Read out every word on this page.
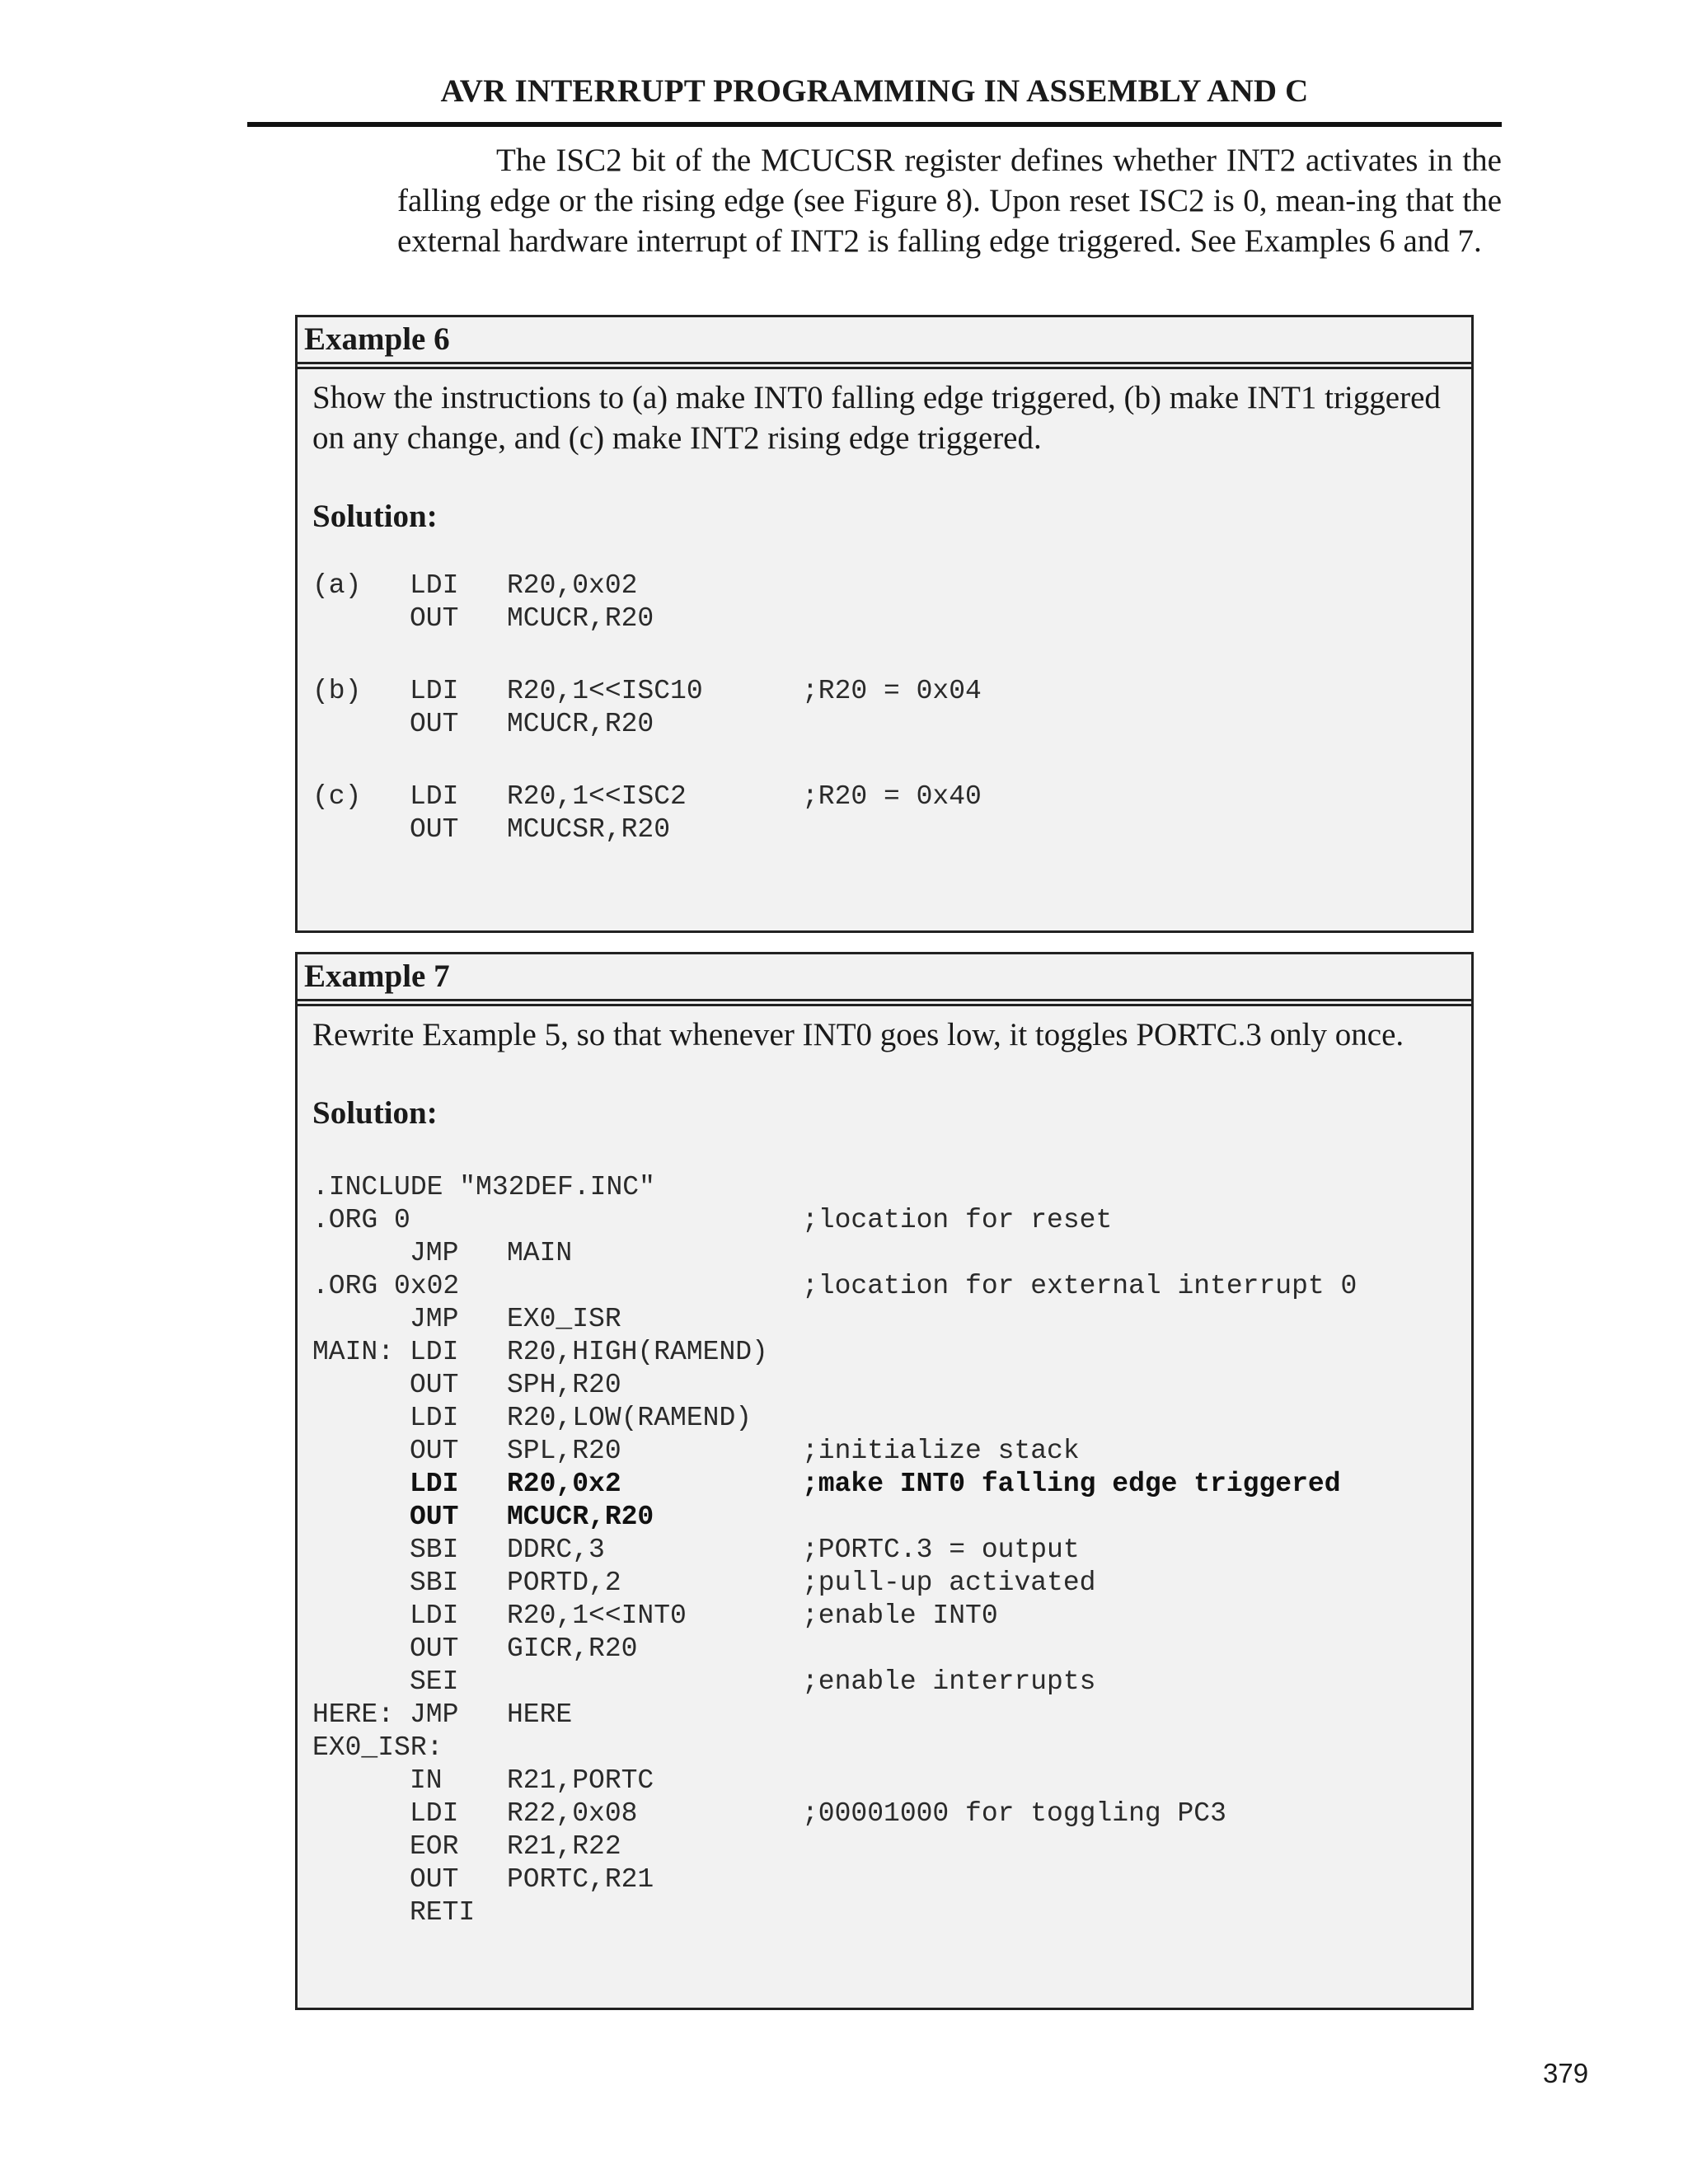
AVR INTERRUPT PROGRAMMING IN ASSEMBLY AND C
The ISC2 bit of the MCUCSR register defines whether INT2 activates in the falling edge or the rising edge (see Figure 8). Upon reset ISC2 is 0, mean-ing that the external hardware interrupt of INT2 is falling edge triggered. See Examples 6 and 7.
Example 6
Show the instructions to (a) make INT0 falling edge triggered, (b) make INT1 triggered on any change, and (c) make INT2 rising edge triggered.
Solution:
(a)	LDI	R20,0x02
OUT	MCUCR,R20
(b)	LDI	R20,1<<ISC10	;R20 = 0x04
OUT	MCUCR,R20
(c)	LDI	R20,1<<ISC2	;R20 = 0x40
OUT	MCUCSR,R20
Example 7
Rewrite Example 5, so that whenever INT0 goes low, it toggles PORTC.3 only once.
Solution:
.INCLUDE "M32DEF.INC"
.ORG 0	;location for reset
JMP	MAIN
.ORG 0x02	;location for external interrupt 0
JMP	EX0_ISR
MAIN: LDI	R20,HIGH(RAMEND)
OUT	SPH,R20
LDI	R20,LOW(RAMEND)
OUT	SPL,R20	;initialize stack
LDI	R20,0x2	;make INT0 falling edge triggered
OUT	MCUCR,R20
SBI	DDRC,3	;PORTC.3 = output
SBI	PORTD,2	;pull-up activated
LDI	R20,1<<INT0	;enable INT0
OUT	GICR,R20
SEI	;enable interrupts
HERE: JMP	HERE
EX0_ISR:
IN	R21,PORTC
LDI	R22,0x08	;00001000 for toggling PC3
EOR	R21,R22
OUT	PORTC,R21
RETI
379
